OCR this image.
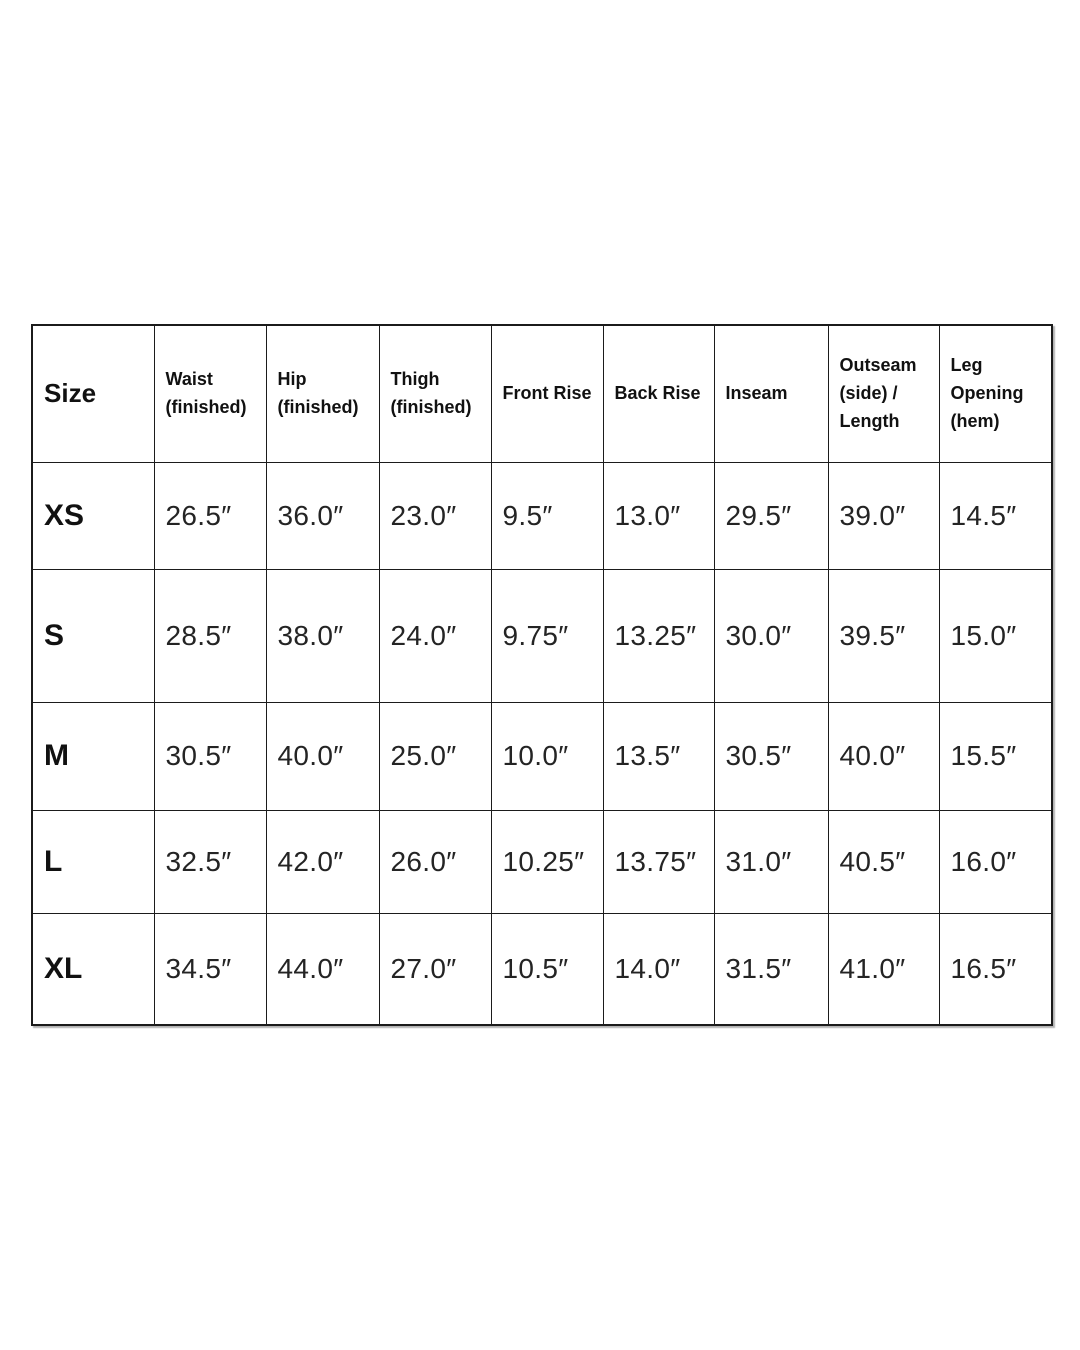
Size	Waist (finished)	Hip (finished)	Thigh (finished)	Front Rise	Back Rise	Inseam	Outseam (side) / Length	Leg Opening (hem)
XS	26.5″	36.0″	23.0″	9.5″	13.0″	29.5″	39.0″	14.5″
S	28.5″	38.0″	24.0″	9.75″	13.25″	30.0″	39.5″	15.0″
M	30.5″	40.0″	25.0″	10.0″	13.5″	30.5″	40.0″	15.5″
L	32.5″	42.0″	26.0″	10.25″	13.75″	31.0″	40.5″	16.0″
XL	34.5″	44.0″	27.0″	10.5″	14.0″	31.5″	41.0″	16.5″
